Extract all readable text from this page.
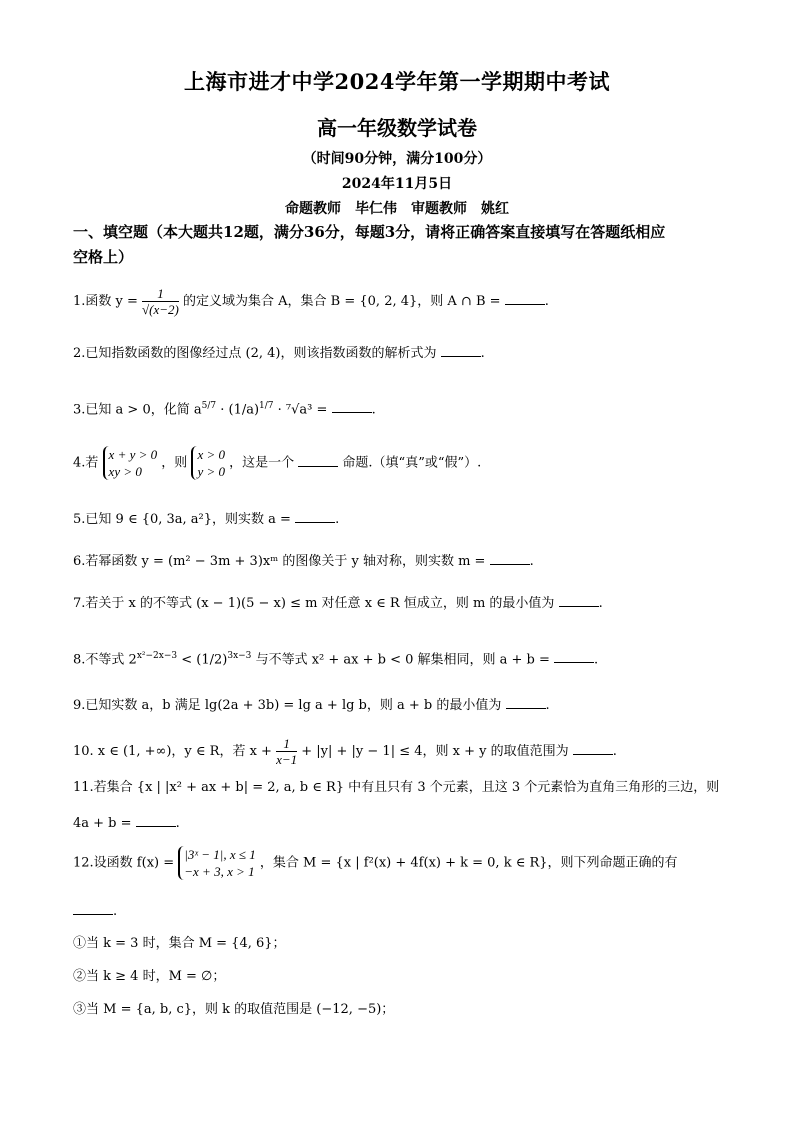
上海市进才中学2024学年第一学期期中考试
高一年级数学试卷
（时间90分钟，满分100分）
2024年11月5日
命题教师　毕仁伟　审题教师　姚红
一、填空题（本大题共12题，满分36分，每题3分，请将正确答案直接填写在答题纸相应
空格上）
1.函数 $y = \frac{1}{√(x-2)}$ 的定义域为集合 A，集合 B = {0, 2, 4}，则 A ∩ B =	.
2.已知指数函数的图像经过点 (2, 4)，则该指数函数的解析式为	.
3.已知 a > 0，化简 $a^{5/7} \cdot (1/a)^{1/7} \cdot ^7√a^3$ =	.
4.若
x + y > 0
xy > 0
，则
x > 0
y > 0
，这是一个	命题.（填“真”或“假”）.
5.已知 9 ∈ {0, 3a, a²}，则实数 a =	.
6.若幂函数 y = (m² − 3m + 3)xᵐ 的图像关于 y 轴对称，则实数 m =	.
7.若关于 x 的不等式 (x − 1)(5 − x) ≤ m 对任意 x ∈ R 恒成立，则 m 的最小值为	.
8.不等式 $2^{x^2-2x-3} < (1/2)^{3x-3}$ 与不等式 x² + ax + b < 0 解集相同，则 a + b =	.
9.已知实数 a，b 满足 lg(2a + 3b) = lg a + lg b，则 a + b 的最小值为	.
10. x ∈ (1, +∞)，y ∈ R，若 $x + \frac{1}{x-1} + |y| + |y - 1| \le 4$，则 x + y 的取值范围为	.
11.若集合 {x | |x² + ax + b| = 2, a, b ∈ R} 中有且只有 3 个元素，且这 3 个元素恰为直角三角形的三边，则
4a + b =	.
12.设函数 f(x) =
|3ˣ − 1|, x ≤ 1
−x + 3, x > 1
，集合 M = {x | f²(x) + 4f(x) + k = 0, k ∈ R}，则下列命题正确的有
.
①当 k = 3 时，集合 M = {4, 6}；
②当 k ≥ 4 时，M = ∅；
③当 M = {a, b, c}，则 k 的取值范围是 (−12, −5)；
